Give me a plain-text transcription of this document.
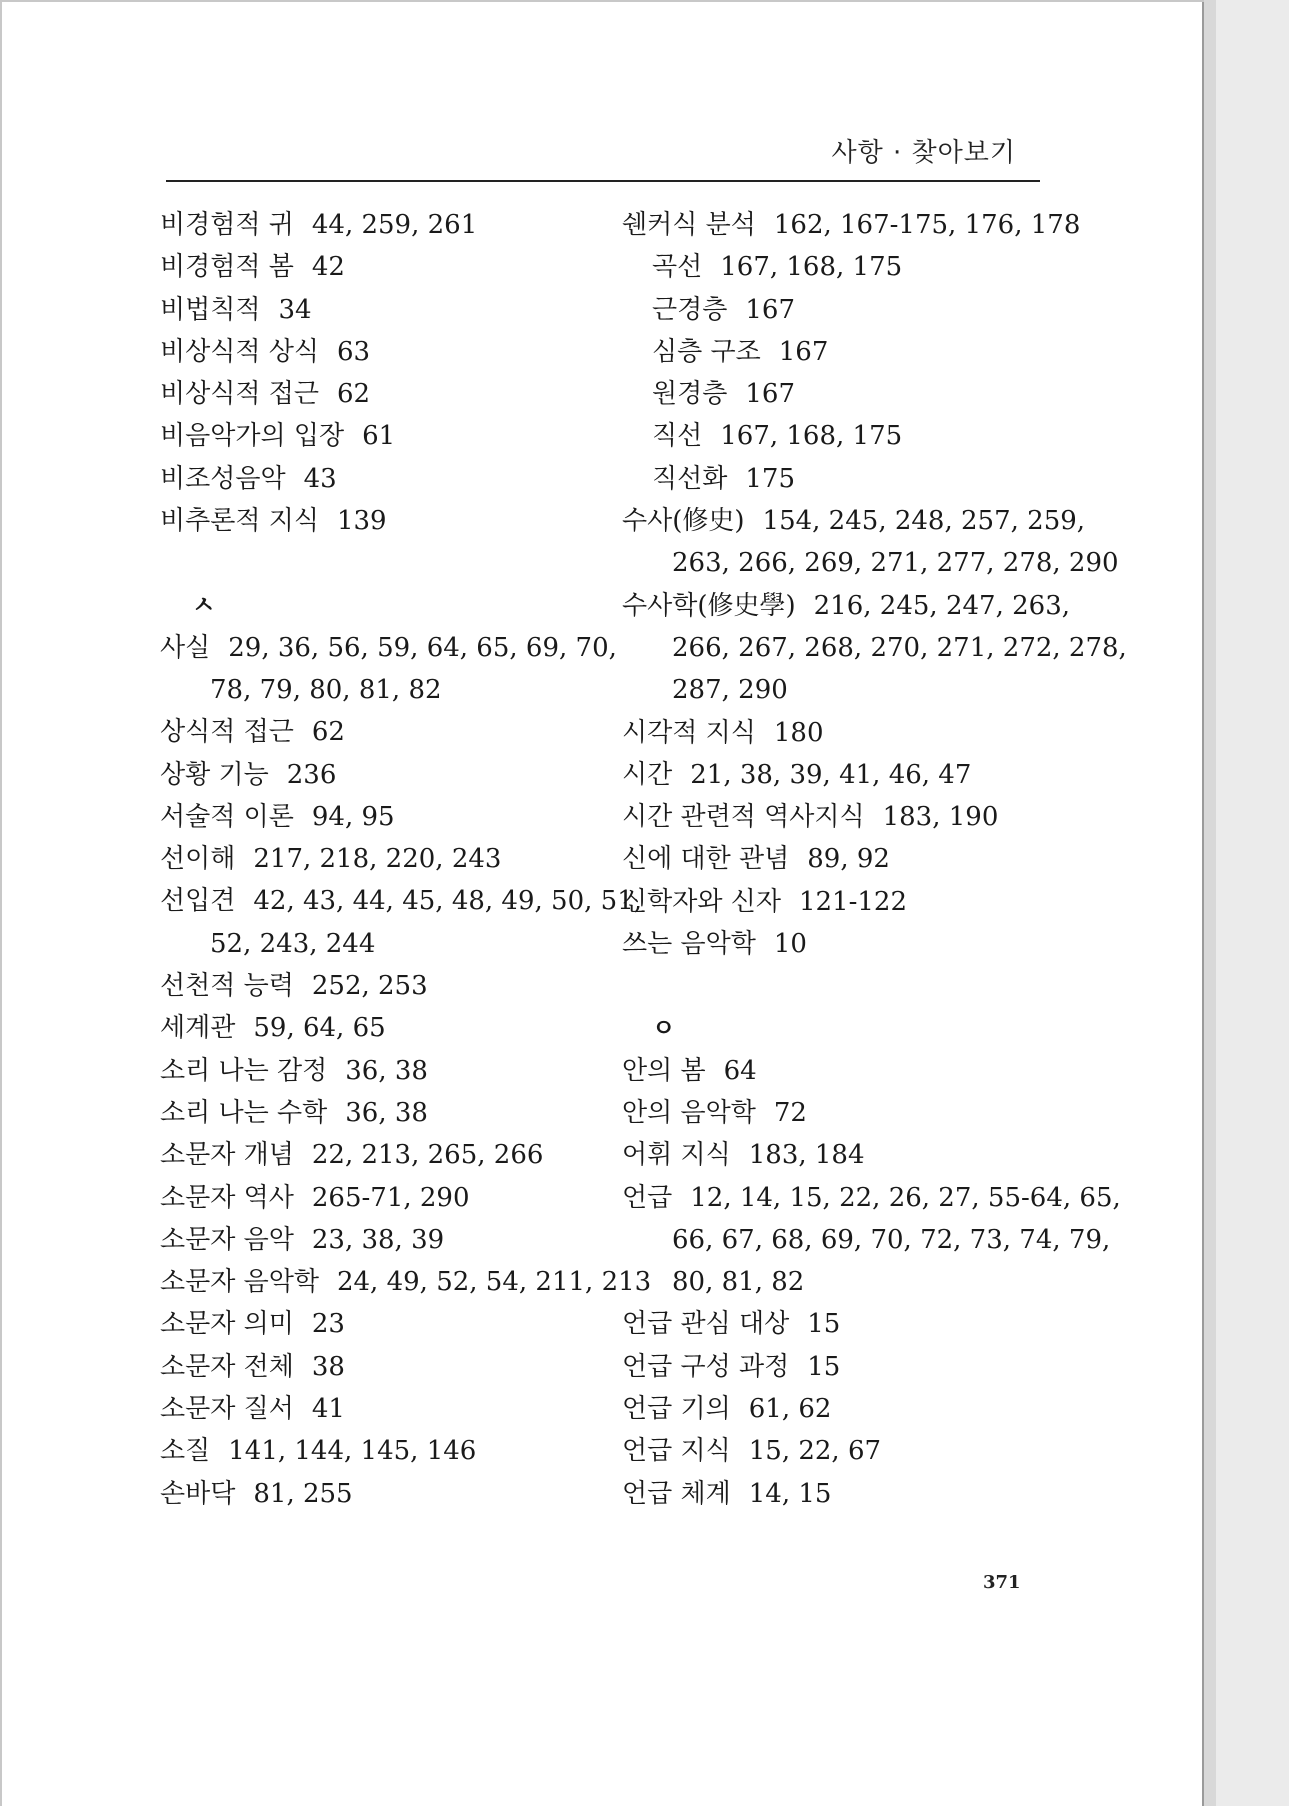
사항 · 찾아보기
비경험적 귀 44, 259, 261
비경험적 봄 42
비법칙적 34
비상식적 상식 63
비상식적 접근 62
비음악가의 입장 61
비조성음악 43
비추론적 지식 139
ㅅ
사실 29, 36, 56, 59, 64, 65, 69, 70,
78, 79, 80, 81, 82
상식적 접근 62
상황 기능 236
서술적 이론 94, 95
선이해 217, 218, 220, 243
선입견 42, 43, 44, 45, 48, 49, 50, 51,
52, 243, 244
선천적 능력 252, 253
세계관 59, 64, 65
소리 나는 감정 36, 38
소리 나는 수학 36, 38
소문자 개념 22, 213, 265, 266
소문자 역사 265-71, 290
소문자 음악 23, 38, 39
소문자 음악학 24, 49, 52, 54, 211, 213
소문자 의미 23
소문자 전체 38
소문자 질서 41
소질 141, 144, 145, 146
손바닥 81, 255
쉔커식 분석 162, 167-175, 176, 178
곡선 167, 168, 175
근경층 167
심층 구조 167
원경층 167
직선 167, 168, 175
직선화 175
수사(修史) 154, 245, 248, 257, 259,
263, 266, 269, 271, 277, 278, 290
수사학(修史學) 216, 245, 247, 263,
266, 267, 268, 270, 271, 272, 278,
287, 290
시각적 지식 180
시간 21, 38, 39, 41, 46, 47
시간 관련적 역사지식 183, 190
신에 대한 관념 89, 92
신학자와 신자 121-122
쓰는 음악학 10
ㅇ
안의 봄 64
안의 음악학 72
어휘 지식 183, 184
언급 12, 14, 15, 22, 26, 27, 55-64, 65,
66, 67, 68, 69, 70, 72, 73, 74, 79,
80, 81, 82
언급 관심 대상 15
언급 구성 과정 15
언급 기의 61, 62
언급 지식 15, 22, 67
언급 체계 14, 15
371
